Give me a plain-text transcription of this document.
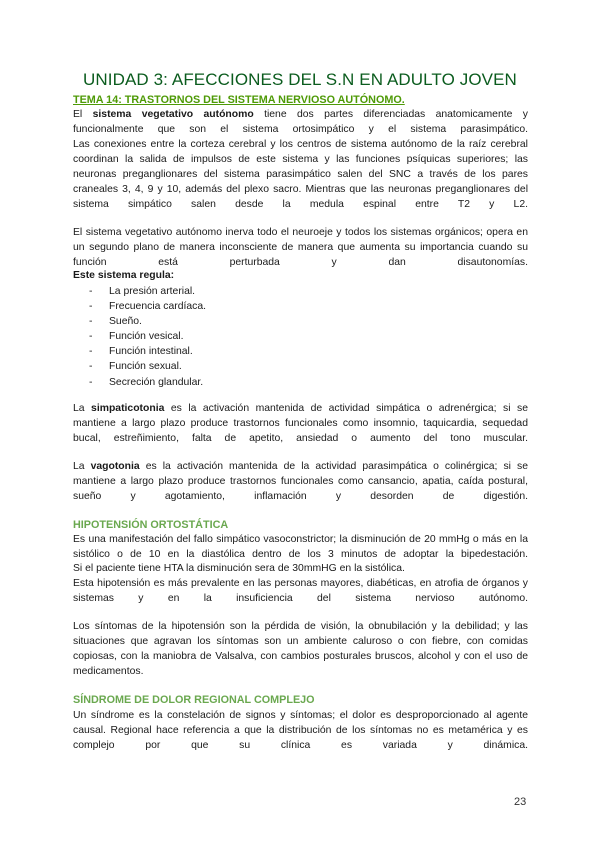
UNIDAD 3: AFECCIONES DEL S.N EN ADULTO JOVEN
TEMA 14: TRASTORNOS DEL SISTEMA NERVIOSO AUTÓNOMO.
El sistema vegetativo autónomo tiene dos partes diferenciadas anatomicamente y funcionalmente que son el sistema ortosimpático y el sistema parasimpático.
Las conexiones entre la corteza cerebral y los centros de sistema autónomo de la raíz cerebral coordinan la salida de impulsos de este sistema y las funciones psíquicas superiores; las neuronas preganglionares del sistema parasimpático salen del SNC a través de los pares craneales 3, 4, 9 y 10, además del plexo sacro. Mientras que las neuronas preganglionares del sistema simpático salen desde la medula espinal entre T2 y L2.
El sistema vegetativo autónomo inerva todo el neuroeje y todos los sistemas orgánicos; opera en un segundo plano de manera inconsciente de manera que aumenta su importancia cuando su función está perturbada y dan disautonomías.
Este sistema regula:
- La presión arterial.
- Frecuencia cardíaca.
- Sueño.
- Función vesical.
- Función intestinal.
- Función sexual.
- Secreción glandular.
La simpaticotonia es la activación mantenida de actividad simpática o adrenérgica; si se mantiene a largo plazo produce trastornos funcionales como insomnio, taquicardia, sequedad bucal, estreñimiento, falta de apetito, ansiedad o aumento del tono muscular.
La vagotonia es la activación mantenida de la actividad parasimpática o colinérgica; si se mantiene a largo plazo produce trastornos funcionales como cansancio, apatia, caída postural, sueño y agotamiento, inflamación y desorden de digestión.
HIPOTENSIÓN ORTOSTÁTICA
Es una manifestación del fallo simpático vasoconstrictor; la disminución de 20 mmHg o más en la sistólico o de 10 en la diastólica dentro de los 3 minutos de adoptar la bipedestación.
Si el paciente tiene HTA la disminución sera de 30mmHG en la sistólica.
Esta hipotensión es más prevalente en las personas mayores, diabéticas, en atrofia de órganos y sistemas y en la insuficiencia del sistema nervioso autónomo.
Los síntomas de la hipotensión son la pérdida de visión, la obnubilación y la debilidad; y las situaciones que agravan los síntomas son un ambiente caluroso o con fiebre, con comidas copiosas, con la maniobra de Valsalva, con cambios posturales bruscos, alcohol y con el uso de medicamentos.
SÍNDROME DE DOLOR REGIONAL COMPLEJO
Un síndrome es la constelación de signos y síntomas; el dolor es desproporcionado al agente causal. Regional hace referencia a que la distribución de los síntomas no es metamérica y es complejo por que su clínica es variada y dinámica.
23
